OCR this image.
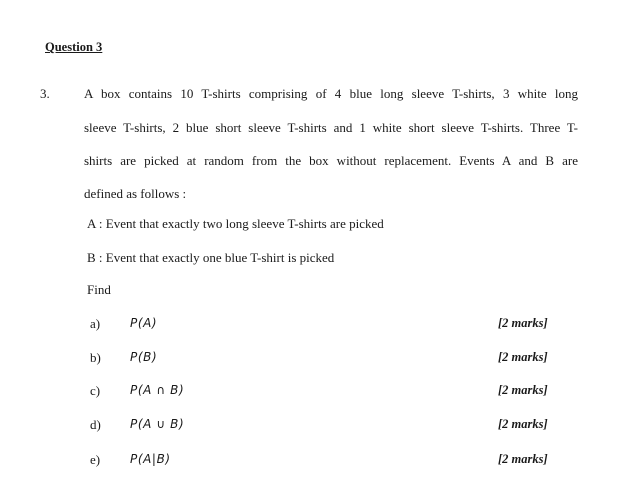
Question 3
3.	A box contains 10 T-shirts comprising of 4 blue long sleeve T-shirts, 3 white long
sleeve T-shirts, 2 blue short sleeve T-shirts and 1 white short sleeve T-shirts. Three T-
shirts are picked at random from the box without replacement. Events A and B are
defined as follows :
A : Event that exactly two long sleeve T-shirts are picked
B : Event that exactly one blue T-shirt is picked
Find
a) P(A)	[2 marks]
b) P(B)	[2 marks]
c) P(A ∩ B)	[2 marks]
d) P(A ∪ B)	[2 marks]
e) P(A|B)	[2 marks]
